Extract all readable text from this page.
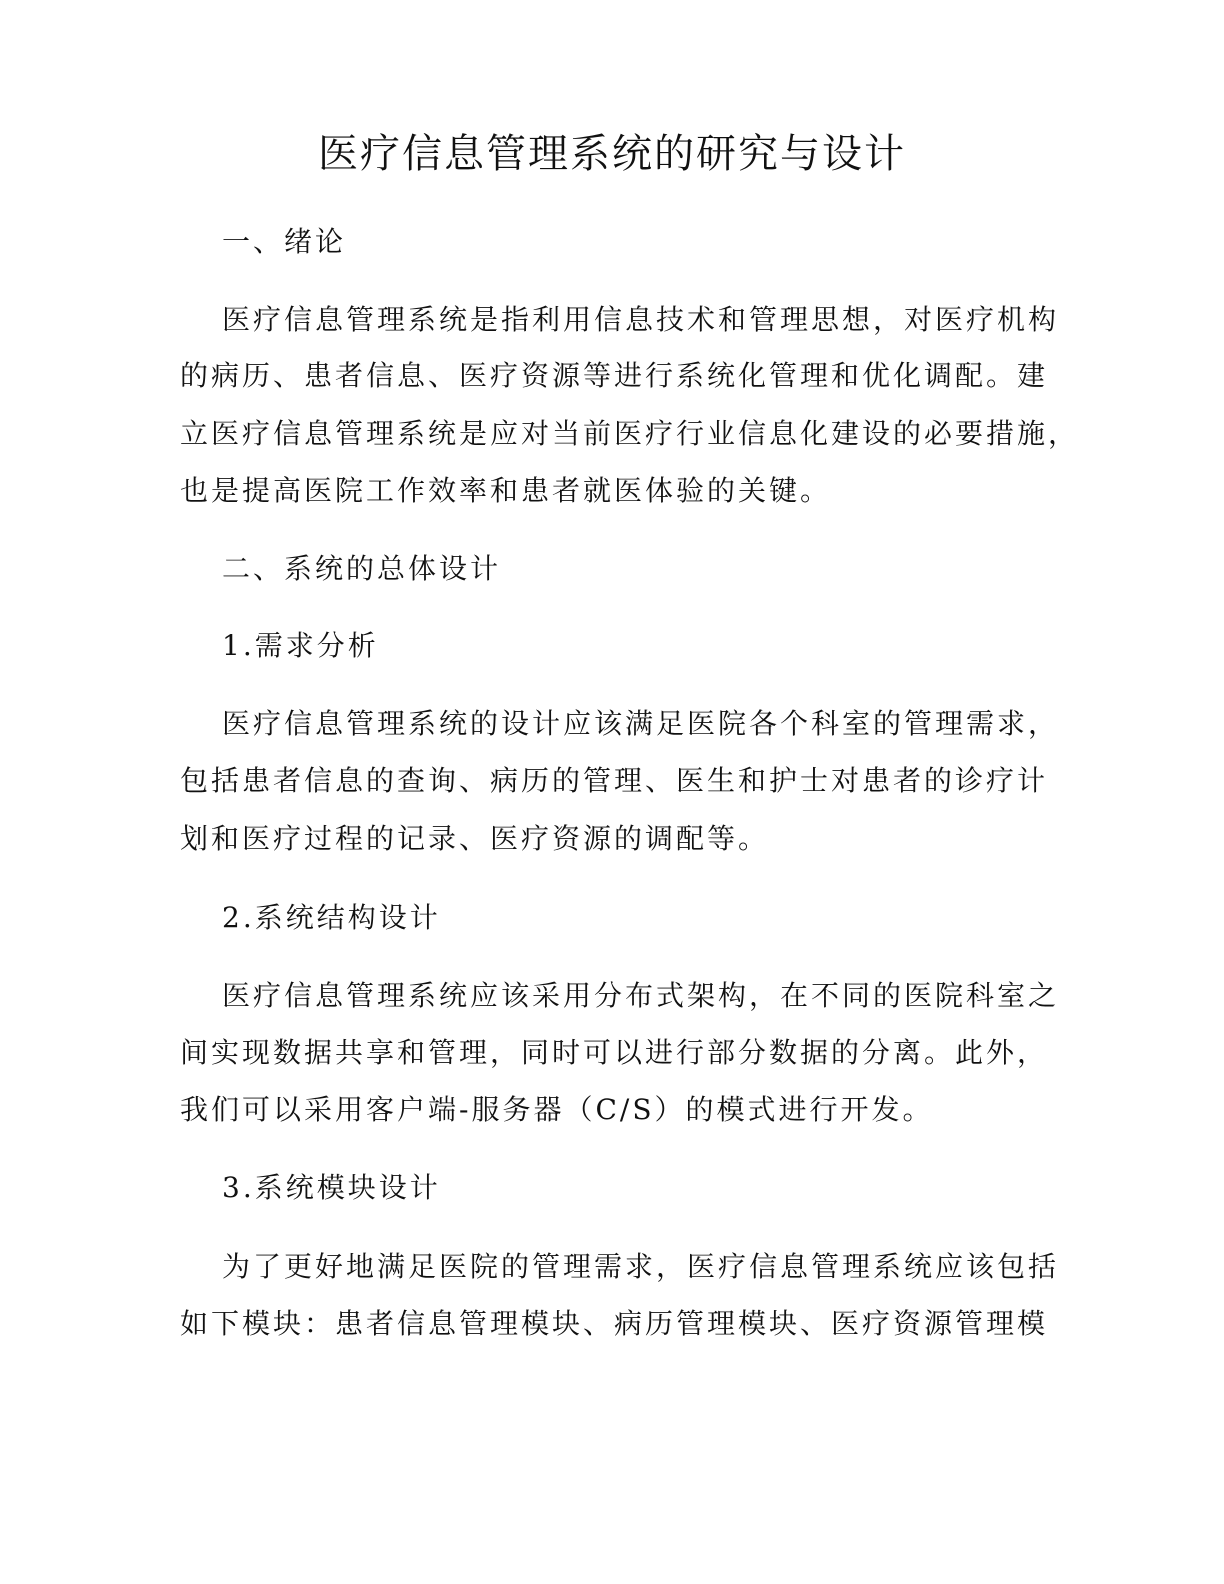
医疗信息管理系统的研究与设计

一、绪论

医疗信息管理系统是指利用信息技术和管理思想，对医疗机构

的病历、患者信息、医疗资源等进行系统化管理和优化调配。建

立医疗信息管理系统是应对当前医疗行业信息化建设的必要措施，

也是提高医院工作效率和患者就医体验的关键。

二、系统的总体设计

1.需求分析

医疗信息管理系统的设计应该满足医院各个科室的管理需求，

包括患者信息的查询、病历的管理、医生和护士对患者的诊疗计

划和医疗过程的记录、医疗资源的调配等。

2.系统结构设计

医疗信息管理系统应该采用分布式架构，在不同的医院科室之

间实现数据共享和管理，同时可以进行部分数据的分离。此外，

我们可以采用客户端-服务器（C/S）的模式进行开发。

3.系统模块设计

为了更好地满足医院的管理需求，医疗信息管理系统应该包括

如下模块：患者信息管理模块、病历管理模块、医疗资源管理模
